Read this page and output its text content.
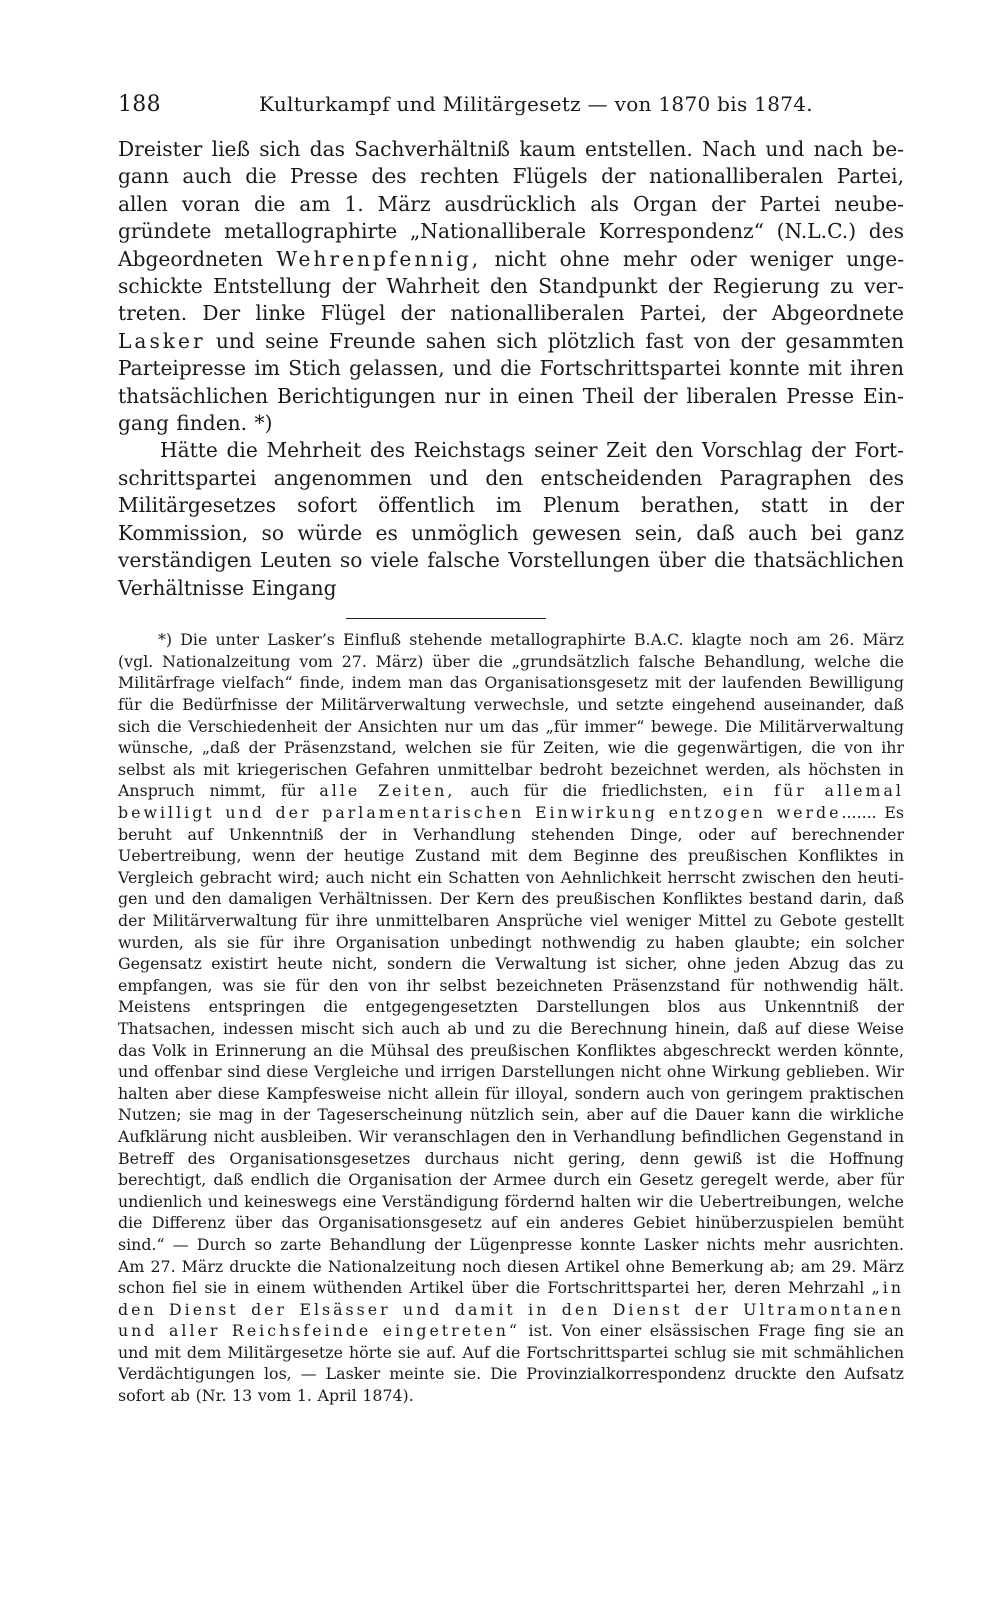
188	Kulturkampf und Militärgesetz — von 1870 bis 1874.

Dreister ließ sich das Sachverhältniß kaum entstellen. Nach und nach begann auch die Presse des rechten Flügels der nationalliberalen Partei, allen voran die am 1. März ausdrücklich als Organ der Partei neubegründete metallographirte „Nationalliberale Korrespondenz“ (N.L.C.) des Abgeordneten Wehrenpfennig, nicht ohne mehr oder weniger ungeschickte Entstellung der Wahrheit den Standpunkt der Regierung zu vertreten. Der linke Flügel der nationalliberalen Partei, der Abgeordnete Lasker und seine Freunde sahen sich plötzlich fast von der gesammten Parteipresse im Stich gelassen, und die Fortschrittspartei konnte mit ihren thatsächlichen Berichtigungen nur in einen Theil der liberalen Presse Eingang finden. *)

Hätte die Mehrheit des Reichstags seiner Zeit den Vorschlag der Fortschrittspartei angenommen und den entscheidenden Paragraphen des Militärgesetzes sofort öffentlich im Plenum berathen, statt in der Kommission, so würde es unmöglich gewesen sein, daß auch bei ganz verständigen Leuten so viele falsche Vorstellungen über die thatsächlichen Verhältnisse Eingang

*) Die unter Lasker’s Einfluß stehende metallographirte B.A.C. klagte noch am 26. März (vgl. Nationalzeitung vom 27. März) über die „grundsätzlich falsche Behandlung, welche die Militärfrage vielfach“ finde, indem man das Organisationsgesetz mit der laufenden Bewilligung für die Bedürfnisse der Militärverwaltung verwechsle, und setzte eingehend auseinander, daß sich die Verschiedenheit der Ansichten nur um das „für immer“ bewege. Die Militärverwaltung wünsche, „daß der Präsenzstand, welchen sie für Zeiten, wie die gegenwärtigen, die von ihr selbst als mit kriegerischen Gefahren unmittelbar bedroht bezeichnet werden, als höchsten in Anspruch nimmt, für alle Zeiten, auch für die friedlichsten, ein für allemal bewilligt und der parlamentarischen Einwirkung entzogen werde....... Es beruht auf Unkenntniß der in Verhandlung stehenden Dinge, oder auf berechnender Uebertreibung, wenn der heutige Zustand mit dem Beginne des preußischen Konfliktes in Vergleich gebracht wird; auch nicht ein Schatten von Aehnlichkeit herrscht zwischen den heutigen und den damaligen Verhältnissen. Der Kern des preußischen Konfliktes bestand darin, daß der Militärverwaltung für ihre unmittelbaren Ansprüche viel weniger Mittel zu Gebote gestellt wurden, als sie für ihre Organisation unbedingt nothwendig zu haben glaubte; ein solcher Gegensatz existirt heute nicht, sondern die Verwaltung ist sicher, ohne jeden Abzug das zu empfangen, was sie für den von ihr selbst bezeichneten Präsenzstand für nothwendig hält. Meistens entspringen die entgegengesetzten Darstellungen blos aus Unkenntniß der Thatsachen, indessen mischt sich auch ab und zu die Berechnung hinein, daß auf diese Weise das Volk in Erinnerung an die Mühsal des preußischen Konfliktes abgeschreckt werden könnte, und offenbar sind diese Vergleiche und irrigen Darstellungen nicht ohne Wirkung geblieben. Wir halten aber diese Kampfesweise nicht allein für illoyal, sondern auch von geringem praktischen Nutzen; sie mag in der Tageserscheinung nützlich sein, aber auf die Dauer kann die wirkliche Aufklärung nicht ausbleiben. Wir veranschlagen den in Verhandlung befindlichen Gegenstand in Betreff des Organisationsgesetzes durchaus nicht gering, denn gewiß ist die Hoffnung berechtigt, daß endlich die Organisation der Armee durch ein Gesetz geregelt werde, aber für undienlich und keineswegs eine Verständigung fördernd halten wir die Uebertreibungen, welche die Differenz über das Organisationsgesetz auf ein anderes Gebiet hinüberzuspielen bemüht sind.“ — Durch so zarte Behandlung der Lügenpresse konnte Lasker nichts mehr ausrichten. Am 27. März druckte die Nationalzeitung noch diesen Artikel ohne Bemerkung ab; am 29. März schon fiel sie in einem wüthenden Artikel über die Fortschrittspartei her, deren Mehrzahl „in den Dienst der Elsässer und damit in den Dienst der Ultramontanen und aller Reichsfeinde eingetreten“ ist. Von einer elsässischen Frage fing sie an und mit dem Militärgesetze hörte sie auf. Auf die Fortschrittspartei schlug sie mit schmählichen Verdächtigungen los, — Lasker meinte sie. Die Provinzialkorrespondenz druckte den Aufsatz sofort ab (Nr. 13 vom 1. April 1874).
